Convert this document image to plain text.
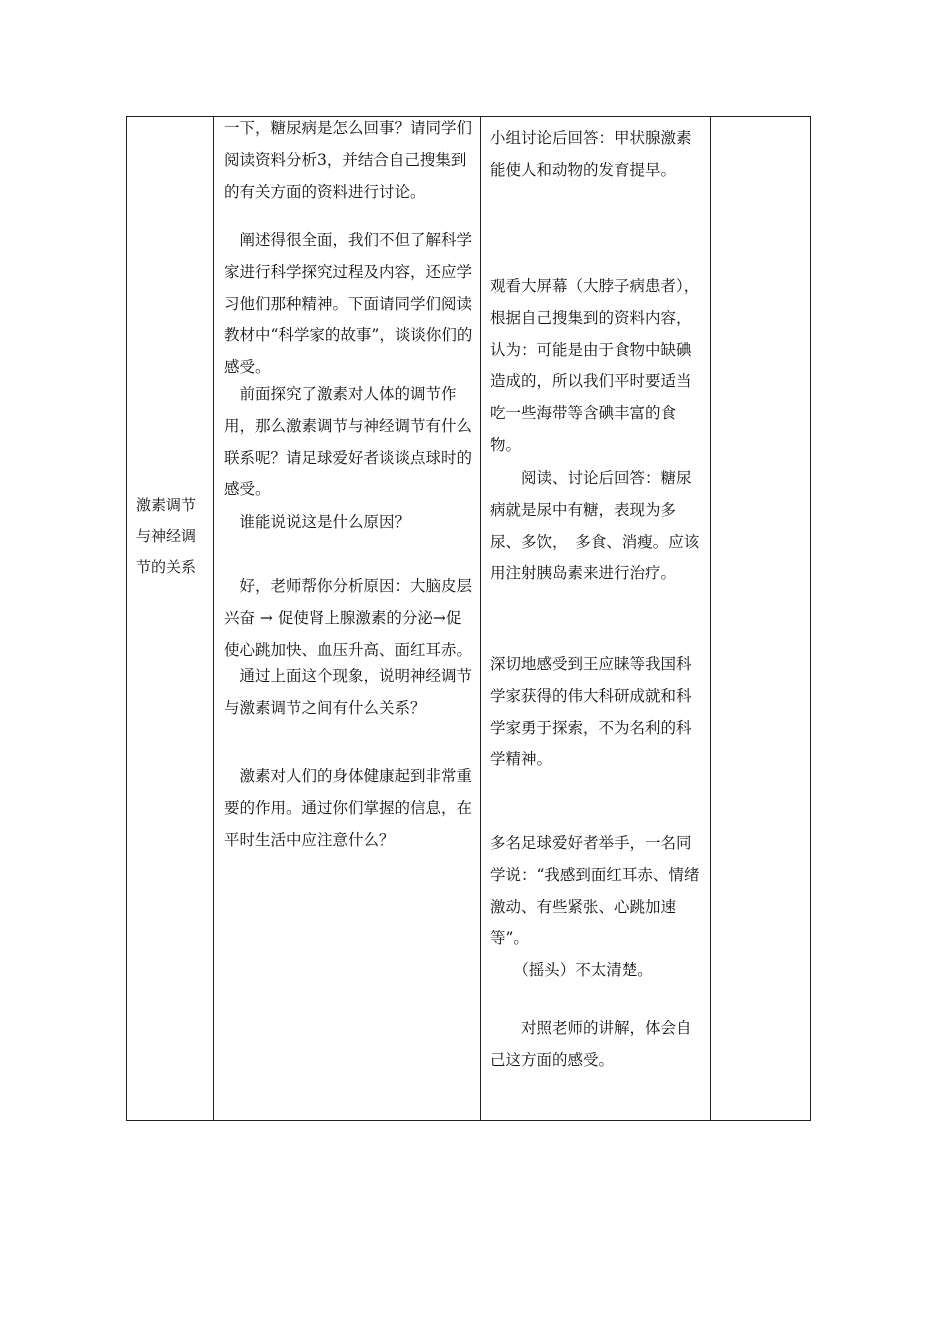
激素调节与神经调节的关系

一下，糖尿病是怎么回事？请同学们阅读资料分析3，并结合自己搜集到的有关方面的资料进行讨论。

　阐述得很全面，我们不但了解科学家进行科学探究过程及内容，还应学习他们那种精神。下面请同学们阅读教材中“科学家的故事”，谈谈你们的感受。

　前面探究了激素对人体的调节作用，那么激素调节与神经调节有什么联系呢？请足球爱好者谈谈点球时的感受。

　谁能说说这是什么原因？

　好，老师帮你分析原因：大脑皮层兴奋 → 促使肾上腺激素的分泌→促使心跳加快、血压升高、面红耳赤。

　通过上面这个现象，说明神经调节与激素调节之间有什么关系？

　激素对人们的身体健康起到非常重要的作用。通过你们掌握的信息，在平时生活中应注意什么？

小组讨论后回答：甲状腺激素能使人和动物的发育提早。

观看大屏幕（大脖子病患者），根据自己搜集到的资料内容，认为：可能是由于食物中缺碘造成的，所以我们平时要适当吃一些海带等含碘丰富的食物。

　　阅读、讨论后回答：糖尿病就是尿中有糖，表现为多尿、多饮，　多食、消瘦。应该用注射胰岛素来进行治疗。

深切地感受到王应睐等我国科学家获得的伟大科研成就和科学家勇于探索，不为名利的科学精神。

多名足球爱好者举手，一名同学说：“我感到面红耳赤、情绪激动、有些紧张、心跳加速等”。

　　（摇头）不太清楚。

　　对照老师的讲解，体会自己这方面的感受。
